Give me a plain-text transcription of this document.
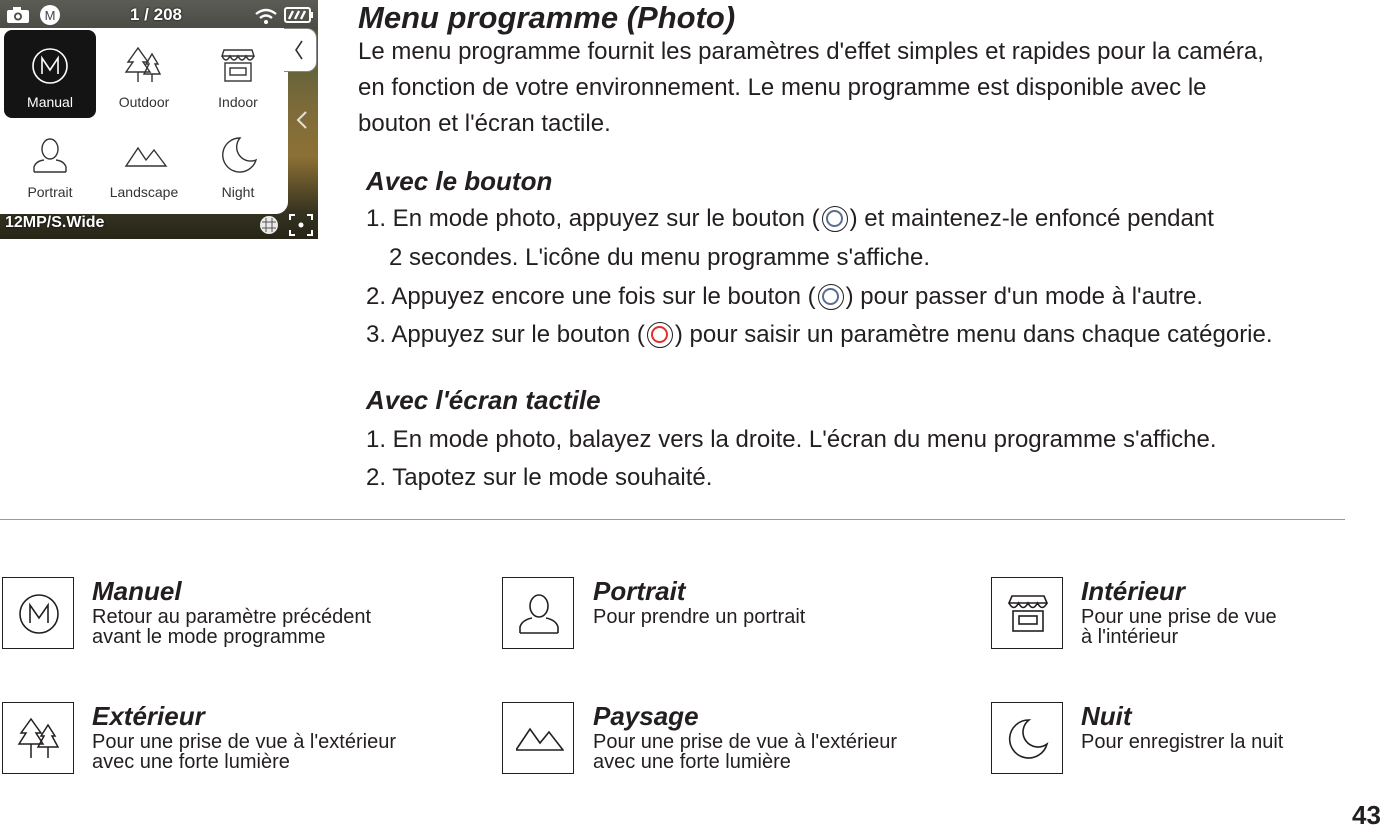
M	1 / 208
Manual	Outdoor	Indoor
Portrait	Landscape	Night
12MP/S.Wide
Menu programme (Photo)
Le menu programme fournit les paramètres d'effet simples et rapides pour la caméra,
en fonction de votre environnement. Le menu programme est disponible avec le
bouton et l'écran tactile.
Avec le bouton
1. En mode photo, appuyez sur le bouton ( ) et maintenez-le enfoncé pendant
2 secondes. L'icône du menu programme s'affiche.
2. Appuyez encore une fois sur le bouton ( ) pour passer d'un mode à l'autre.
3. Appuyez sur le bouton ( ) pour saisir un paramètre menu dans chaque catégorie.
Avec l'écran tactile
1. En mode photo, balayez vers la droite. L'écran du menu programme s'affiche.
2. Tapotez sur le mode souhaité.
Manuel
Retour au paramètre précédent
avant le mode programme
Portrait
Pour prendre un portrait
Intérieur
Pour une prise de vue
à l'intérieur
Extérieur
Pour une prise de vue à l'extérieur
avec une forte lumière
Paysage
Pour une prise de vue à l'extérieur
avec une forte lumière
Nuit
Pour enregistrer la nuit
43
